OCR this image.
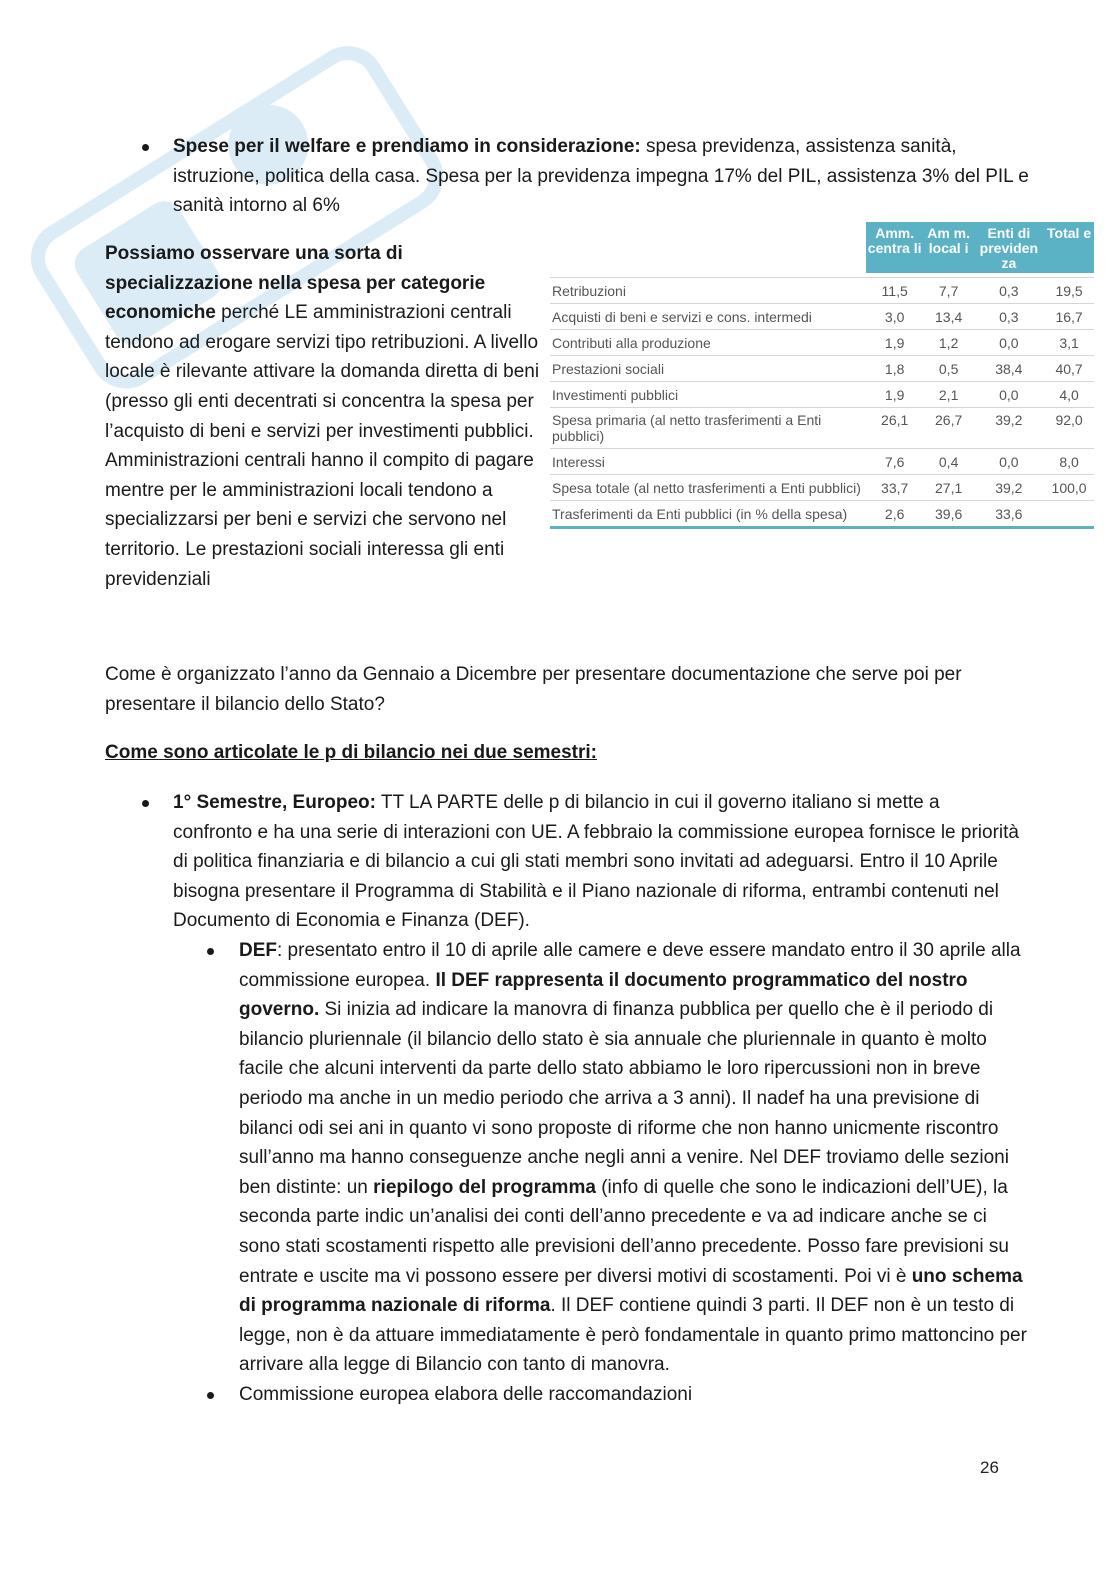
Spese per il welfare e prendiamo in considerazione: spesa previdenza, assistenza sanità,
istruzione, politica della casa. Spesa per la previdenza impegna 17% del PIL, assistenza 3% del PIL e
sanità intorno al 6%

Possiamo osservare una sorta di
specializzazione nella spesa per categorie
economiche perché LE amministrazioni centrali
tendono ad erogare servizi tipo retribuzioni. A livello
locale è rilevante attivare la domanda diretta di beni
(presso gli enti decentrati si concentra la spesa per
l’acquisto di beni e servizi per investimenti pubblici.
Amministrazioni centrali hanno il compito di pagare
mentre per le amministrazioni locali tendono a
specializzarsi per beni e servizi che servono nel
territorio. Le prestazioni sociali interessa gli enti
previdenziali

	Amm. centra li	Am m. local i	Enti di previden za	Total e

Retribuzioni	11,5	7,7	0,3	19,5
Acquisti di beni e servizi e cons. intermedi	3,0	13,4	0,3	16,7
Contributi alla produzione	1,9	1,2	0,0	3,1
Prestazioni sociali	1,8	0,5	38,4	40,7
Investimenti pubblici	1,9	2,1	0,0	4,0
Spesa primaria (al netto trasferimenti a Enti pubblici)	26,1	26,7	39,2	92,0
Interessi	7,6	0,4	0,0	8,0
Spesa totale (al netto trasferimenti a Enti pubblici)	33,7	27,1	39,2	100,0
Trasferimenti da Enti pubblici (in % della spesa)	2,6	39,6	33,6	

Come è organizzato l’anno da Gennaio a Dicembre per presentare documentazione che serve poi per
presentare il bilancio dello Stato?

Come sono articolate le p di bilancio nei due semestri:

1° Semestre, Europeo: TT LA PARTE delle p di bilancio in cui il governo italiano si mette a
confronto e ha una serie di interazioni con UE. A febbraio la commissione europea fornisce le priorità
di politica finanziaria e di bilancio a cui gli stati membri sono invitati ad adeguarsi. Entro il 10 Aprile
bisogna presentare il Programma di Stabilità e il Piano nazionale di riforma, entrambi contenuti nel
Documento di Economia e Finanza (DEF).

DEF: presentato entro il 10 di aprile alle camere e deve essere mandato entro il 30 aprile alla
commissione europea. Il DEF rappresenta il documento programmatico del nostro
governo. Si inizia ad indicare la manovra di finanza pubblica per quello che è il periodo di
bilancio pluriennale (il bilancio dello stato è sia annuale che pluriennale in quanto è molto
facile che alcuni interventi da parte dello stato abbiamo le loro ripercussioni non in breve
periodo ma anche in un medio periodo che arriva a 3 anni). Il nadef ha una previsione di
bilanci odi sei ani in quanto vi sono proposte di riforme che non hanno unicmente riscontro
sull’anno ma hanno conseguenze anche negli anni a venire. Nel DEF troviamo delle sezioni
ben distinte: un riepilogo del programma (info di quelle che sono le indicazioni dell’UE), la
seconda parte indic un’analisi dei conti dell’anno precedente e va ad indicare anche se ci
sono stati scostamenti rispetto alle previsioni dell’anno precedente. Posso fare previsioni su
entrate e uscite ma vi possono essere per diversi motivi di scostamenti. Poi vi è uno schema
di programma nazionale di riforma. Il DEF contiene quindi 3 parti. Il DEF non è un testo di
legge, non è da attuare immediatamente è però fondamentale in quanto primo mattoncino per
arrivare alla legge di Bilancio con tanto di manovra.

Commissione europea elabora delle raccomandazioni

26
